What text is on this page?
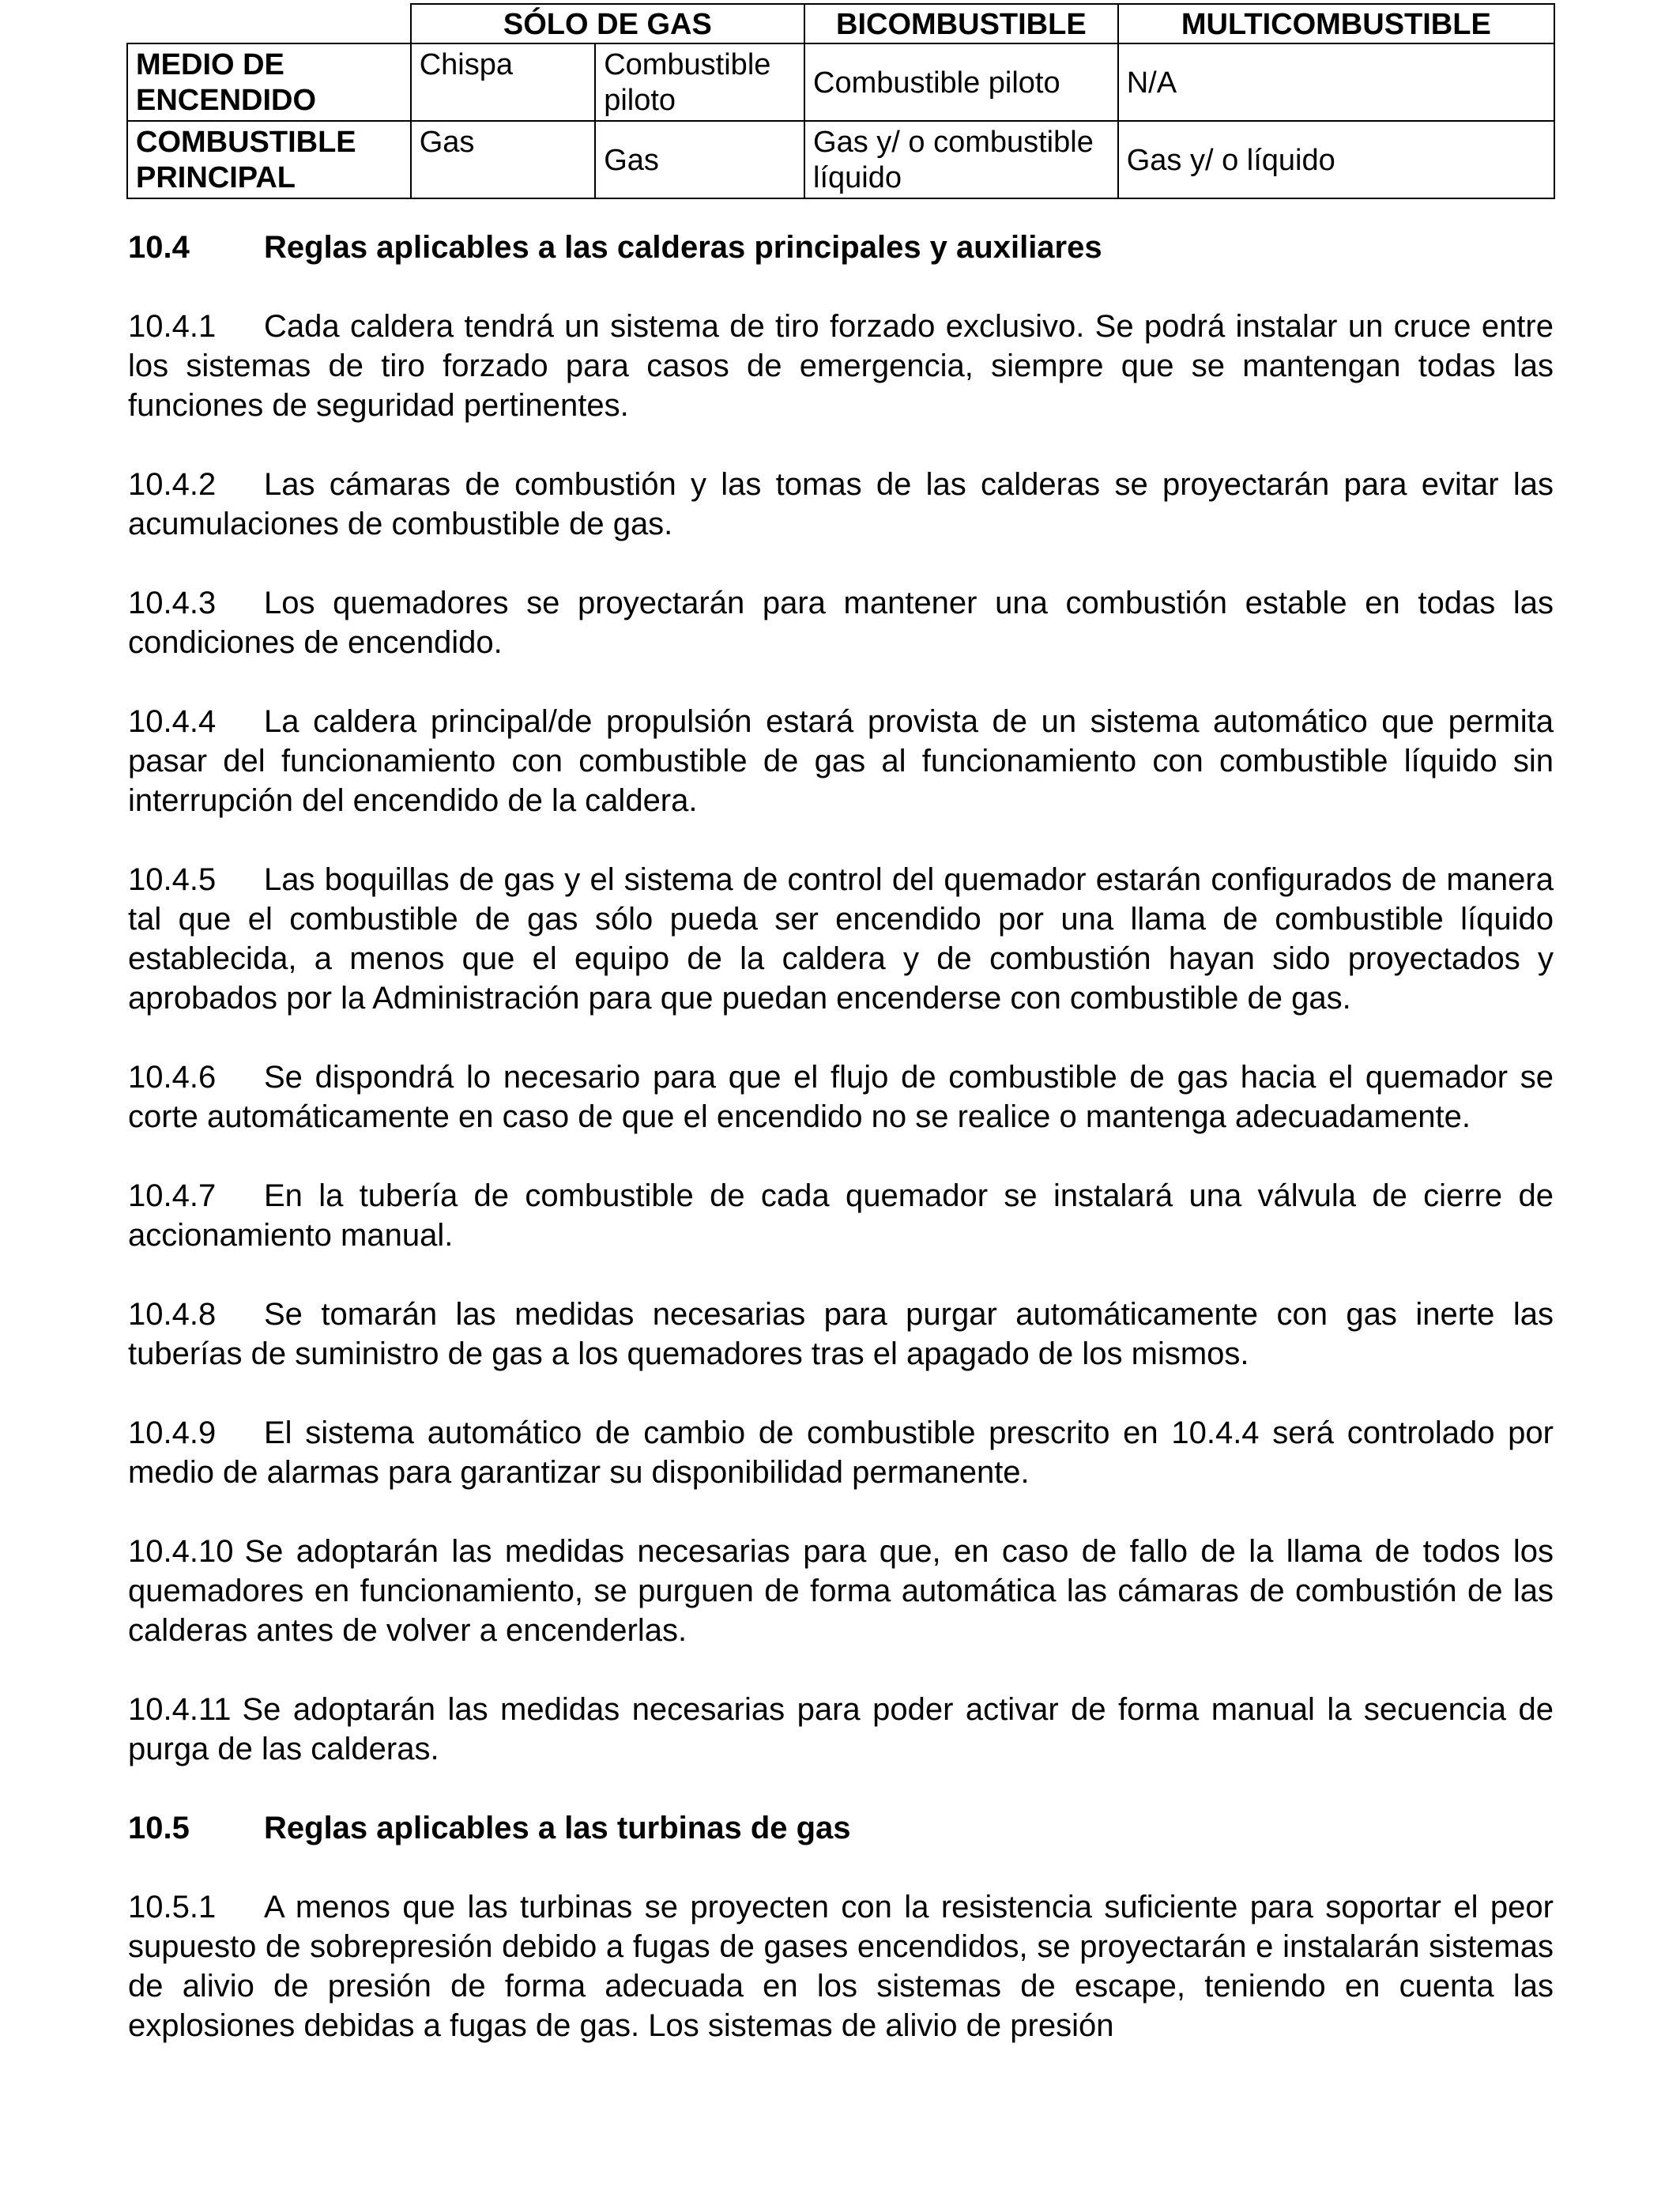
	SÓLO DE GAS		BICOMBUSTIBLE	MULTICOMBUSTIBLE
MEDIO DE ENCENDIDO	Chispa	Combustible piloto	Combustible piloto	N/A
COMBUSTIBLE PRINCIPAL	Gas	Gas	Gas y/ o combustible líquido	Gas y/ o líquido
10.4 Reglas aplicables a las calderas principales y auxiliares
10.4.1 Cada caldera tendrá un sistema de tiro forzado exclusivo. Se podrá instalar un cruce entre los sistemas de tiro forzado para casos de emergencia, siempre que se mantengan todas las funciones de seguridad pertinentes.
10.4.2 Las cámaras de combustión y las tomas de las calderas se proyectarán para evitar las acumulaciones de combustible de gas.
10.4.3 Los quemadores se proyectarán para mantener una combustión estable en todas las condiciones de encendido.
10.4.4 La caldera principal/de propulsión estará provista de un sistema automático que permita pasar del funcionamiento con combustible de gas al funcionamiento con combustible líquido sin interrupción del encendido de la caldera.
10.4.5 Las boquillas de gas y el sistema de control del quemador estarán configurados de manera tal que el combustible de gas sólo pueda ser encendido por una llama de combustible líquido establecida, a menos que el equipo de la caldera y de combustión hayan sido proyectados y aprobados por la Administración para que puedan encenderse con combustible de gas.
10.4.6 Se dispondrá lo necesario para que el flujo de combustible de gas hacia el quemador se corte automáticamente en caso de que el encendido no se realice o mantenga adecuadamente.
10.4.7 En la tubería de combustible de cada quemador se instalará una válvula de cierre de accionamiento manual.
10.4.8 Se tomarán las medidas necesarias para purgar automáticamente con gas inerte las tuberías de suministro de gas a los quemadores tras el apagado de los mismos.
10.4.9 El sistema automático de cambio de combustible prescrito en 10.4.4 será controlado por medio de alarmas para garantizar su disponibilidad permanente.
10.4.10 Se adoptarán las medidas necesarias para que, en caso de fallo de la llama de todos los quemadores en funcionamiento, se purguen de forma automática las cámaras de combustión de las calderas antes de volver a encenderlas.
10.4.11 Se adoptarán las medidas necesarias para poder activar de forma manual la secuencia de purga de las calderas.
10.5 Reglas aplicables a las turbinas de gas
10.5.1 A menos que las turbinas se proyecten con la resistencia suficiente para soportar el peor supuesto de sobrepresión debido a fugas de gases encendidos, se proyectarán e instalarán sistemas de alivio de presión de forma adecuada en los sistemas de escape, teniendo en cuenta las explosiones debidas a fugas de gas. Los sistemas de alivio de presión
